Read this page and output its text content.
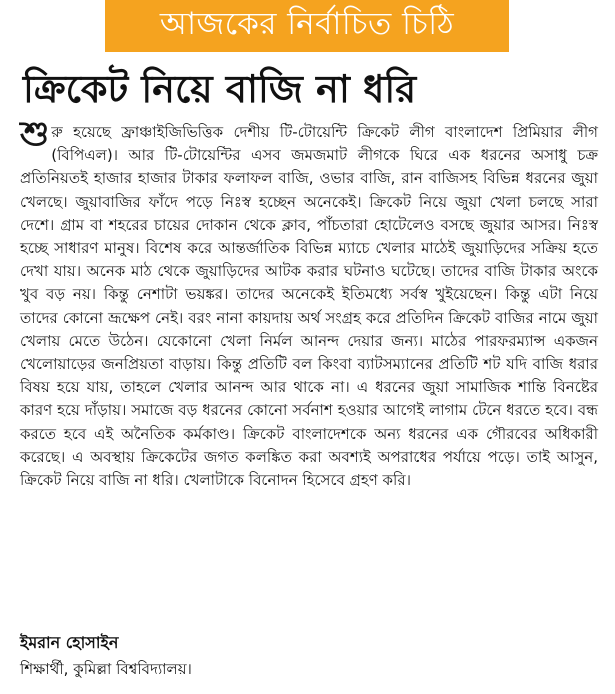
আজকের নির্বাচিত চিঠি
ক্রিকেট নিয়ে বাজি না ধরি

শুরু হয়েছে ফ্রাঞ্চাইজিভিত্তিক দেশীয় টি-টোয়েন্টি ক্রিকেট লীগ বাংলাদেশ প্রিমিয়ার লীগ (বিপিএল)। আর টি-টোয়েন্টির এসব জমজমাট লীগকে ঘিরে এক ধরনের অসাধু চক্র প্রতিনিয়তই হাজার হাজার টাকার ফলাফল বাজি, ওভার বাজি, রান বাজিসহ বিভিন্ন ধরনের জুয়া খেলছে। জুয়াবাজির ফাঁদে পড়ে নিঃস্ব হচ্ছেন অনেকেই। ক্রিকেট নিয়ে জুয়া খেলা চলছে সারা দেশে। গ্রাম বা শহরের চায়ের দোকান থেকে ক্লাব, পাঁচতারা হোটেলেও বসছে জুয়ার আসর। নিঃস্ব হচ্ছে সাধারণ মানুষ। বিশেষ করে আন্তর্জাতিক বিভিন্ন ম্যাচে খেলার মাঠেই জুয়াড়িদের সক্রিয় হতে দেখা যায়। অনেক মাঠ থেকে জুয়াড়িদের আটক করার ঘটনাও ঘটেছে। তাদের বাজি টাকার অংকে খুব বড় নয়। কিন্তু নেশাটা ভয়ঙ্কর। তাদের অনেকেই ইতিমধ্যে সর্বস্ব খুইয়েছেন। কিন্তু এটা নিয়ে তাদের কোনো ভ্রূক্ষেপ নেই। বরং নানা কায়দায় অর্থ সংগ্রহ করে প্রতিদিন ক্রিকেট বাজির নামে জুয়া খেলায় মেতে উঠেন। যেকোনো খেলা নির্মল আনন্দ দেয়ার জন্য। মাঠের পারফরম্যান্স একজন খেলোয়াড়ের জনপ্রিয়তা বাড়ায়। কিন্তু প্রতিটি বল কিংবা ব্যাটসম্যানের প্রতিটি শট যদি বাজি ধরার বিষয় হয়ে যায়, তাহলে খেলার আনন্দ আর থাকে না। এ ধরনের জুয়া সামাজিক শান্তি বিনষ্টের কারণ হয়ে দাঁড়ায়। সমাজে বড় ধরনের কোনো সর্বনাশ হওয়ার আগেই লাগাম টেনে ধরতে হবে। বন্ধ করতে হবে এই অনৈতিক কর্মকাণ্ড। ক্রিকেট বাংলাদেশকে অন্য ধরনের এক গৌরবের অধিকারী করেছে। এ অবস্থায় ক্রিকেটের জগত কলঙ্কিত করা অবশ্যই অপরাধের পর্যায়ে পড়ে। তাই আসুন, ক্রিকেট নিয়ে বাজি না ধরি। খেলাটাকে বিনোদন হিসেবে গ্রহণ করি।

ইমরান হোসাইন

শিক্ষার্থী, কুমিল্লা বিশ্ববিদ্যালয়।
